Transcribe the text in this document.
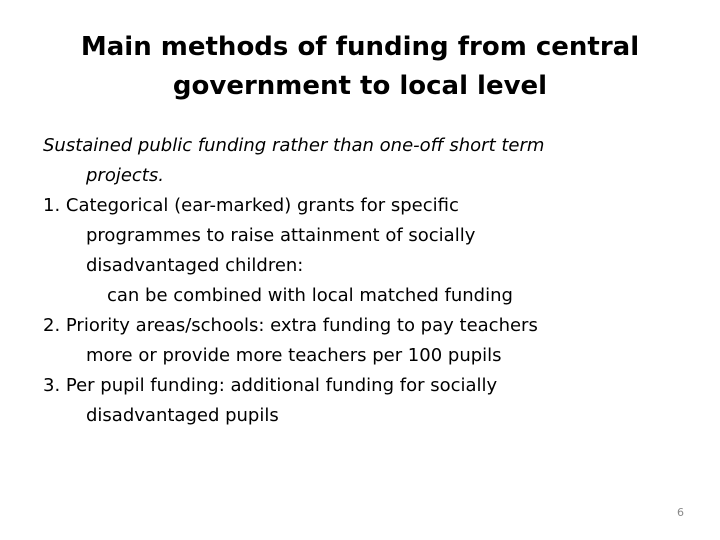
Main methods of funding from central
government to local level
Sustained public funding rather than one-off short term
projects.
1. Categorical (ear-marked) grants for specific
programmes to raise attainment of socially
disadvantaged children:
can be combined with local matched funding
2. Priority areas/schools: extra funding to pay teachers
more or provide more teachers per 100 pupils
3. Per pupil funding: additional funding for socially
disadvantaged pupils
6
